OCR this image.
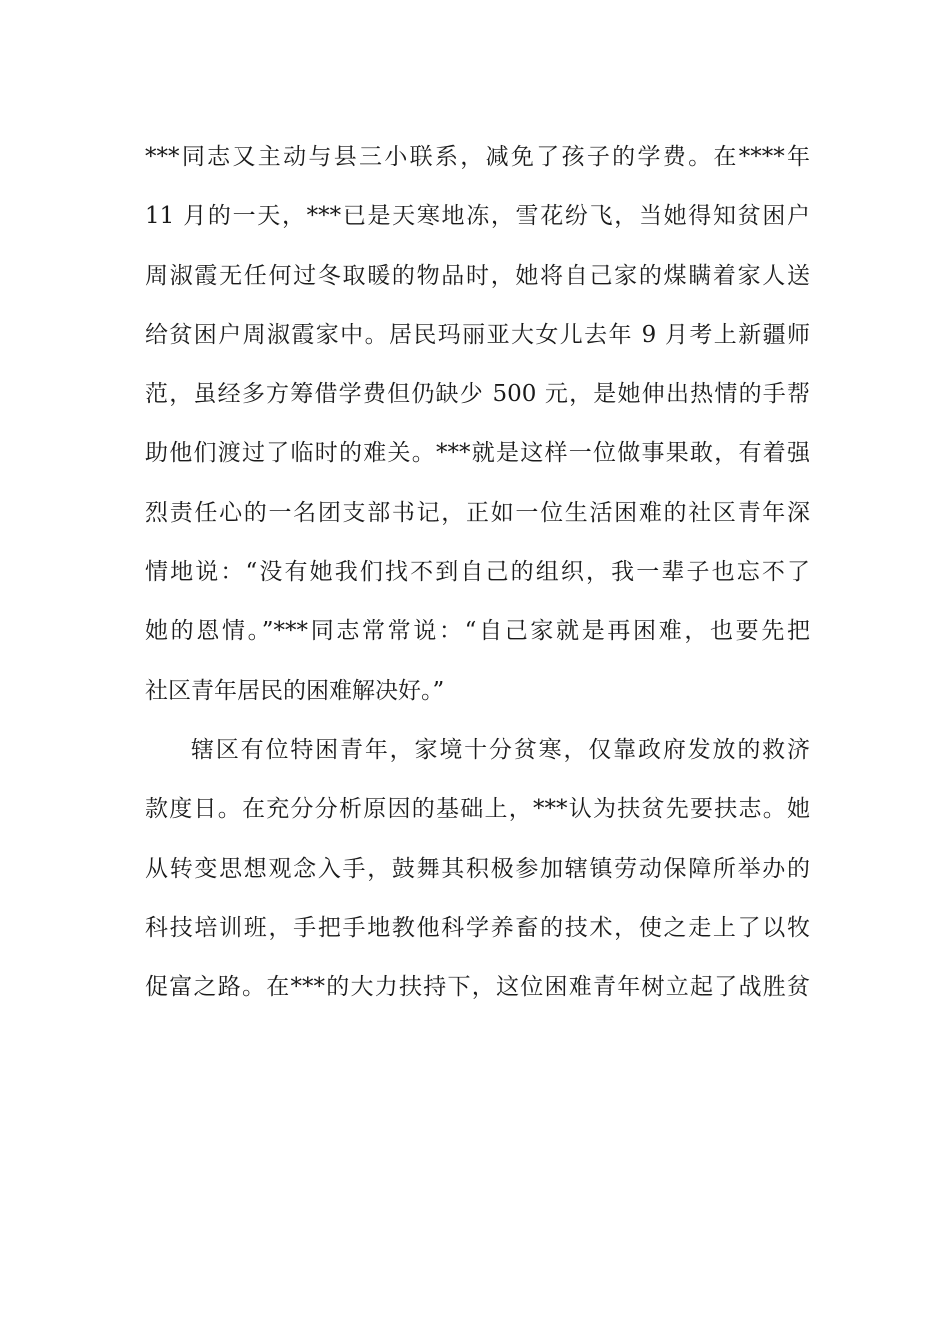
***同志又主动与县三小联系，减免了孩子的学费。在****年
11 月的一天，***已是天寒地冻，雪花纷飞，当她得知贫困户
周淑霞无任何过冬取暖的物品时，她将自己家的煤瞒着家人送
给贫困户周淑霞家中。居民玛丽亚大女儿去年 9 月考上新疆师
范，虽经多方筹借学费但仍缺少 500 元，是她伸出热情的手帮
助他们渡过了临时的难关。***就是这样一位做事果敢，有着强
烈责任心的一名团支部书记，正如一位生活困难的社区青年深
情地说：“没有她我们找不到自己的组织，我一辈子也忘不了
她的恩情。”***同志常常说：“自己家就是再困难，也要先把
社区青年居民的困难解决好。”
辖区有位特困青年，家境十分贫寒，仅靠政府发放的救济
款度日。在充分分析原因的基础上，***认为扶贫先要扶志。她
从转变思想观念入手，鼓舞其积极参加辖镇劳动保障所举办的
科技培训班，手把手地教他科学养畜的技术，使之走上了以牧
促富之路。在***的大力扶持下，这位困难青年树立起了战胜贫
